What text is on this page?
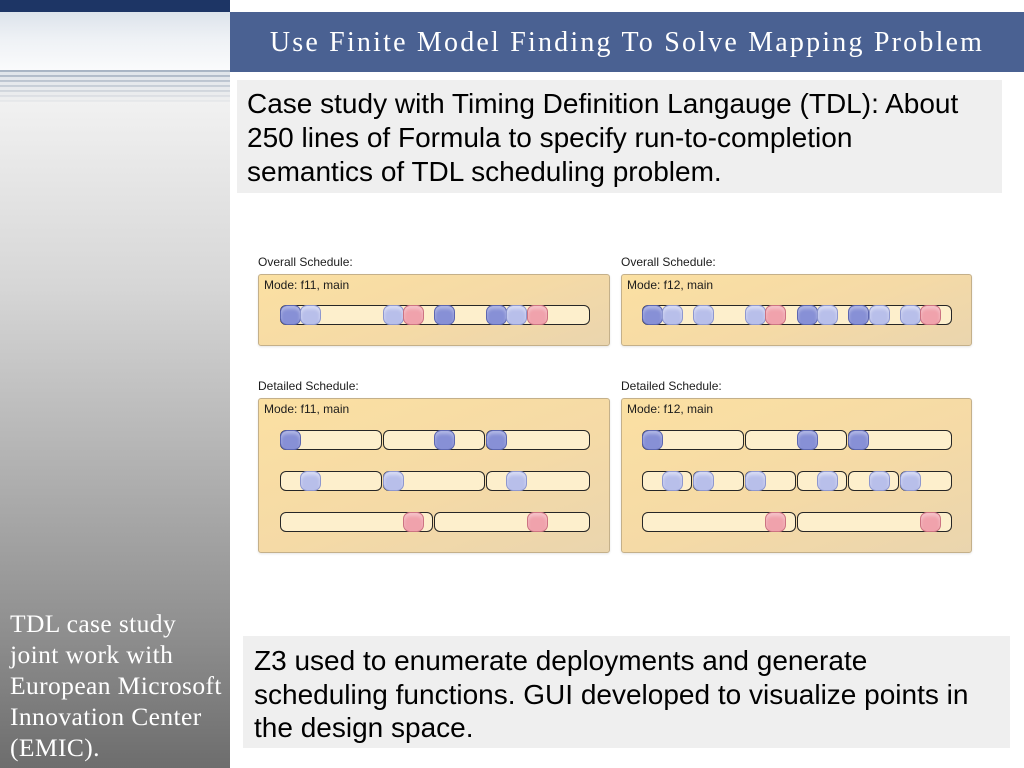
TDL case study
joint work with
European Microsoft
Innovation Center
(EMIC).
Use Finite Model Finding To Solve Mapping Problem
Case study with Timing Definition Langauge (TDL): About
250 lines of Formula to specify run-to-completion
semantics of TDL scheduling problem.
Overall Schedule:
Mode: f11, main
Overall Schedule:
Mode: f12, main
Detailed Schedule:
Mode: f11, main
Detailed Schedule:
Mode: f12, main
Z3 used to enumerate deployments and generate
scheduling functions. GUI developed to visualize points in
the design space.
